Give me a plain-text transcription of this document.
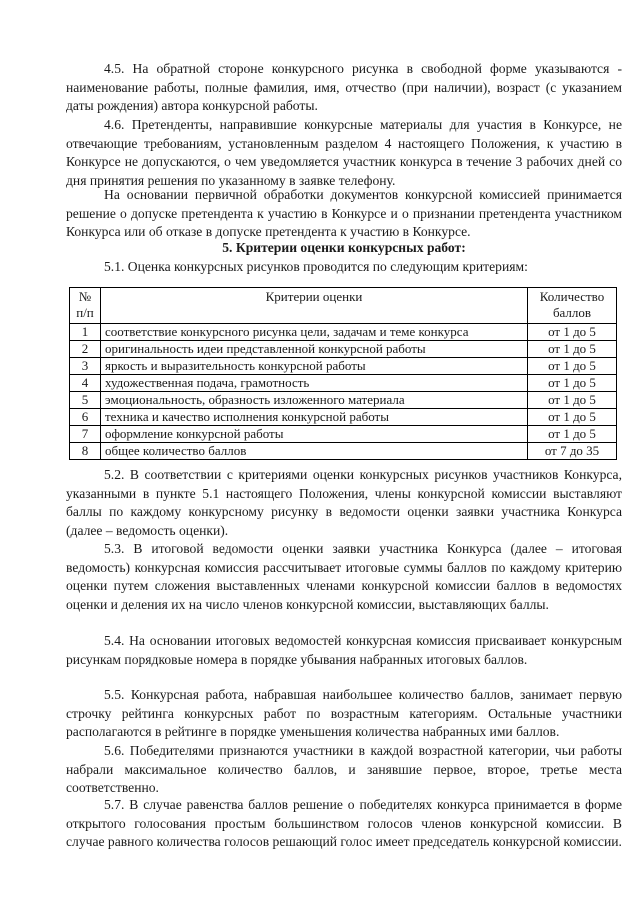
4.5. На обратной стороне конкурсного рисунка в свободной форме указываются - наименование работы, полные фамилия, имя, отчество (при наличии), возраст (с указанием даты рождения) автора конкурсной работы.
4.6. Претенденты, направившие конкурсные материалы для участия в Конкурсе, не отвечающие требованиям, установленным разделом 4 настоящего Положения, к участию в Конкурсе не допускаются, о чем уведомляется участник конкурса в течение 3 рабочих дней со дня принятия решения по указанному в заявке телефону.
На основании первичной обработки документов конкурсной комиссией принимается решение о допуске претендента к участию в Конкурсе и о признании претендента участником Конкурса или об отказе в допуске претендента к участию в Конкурсе.
5. Критерии оценки конкурсных работ:
5.1. Оценка конкурсных рисунков проводится по следующим критериям:
№ п/п	Критерии оценки	Количество баллов
1	соответствие конкурсного рисунка цели, задачам и теме конкурса	от 1 до 5
2	оригинальность идеи представленной конкурсной работы	от 1 до 5
3	яркость и выразительность конкурсной работы	от 1 до 5
4	художественная подача, грамотность	от 1 до 5
5	эмоциональность, образность изложенного материала	от 1 до 5
6	техника и качество исполнения конкурсной работы	от 1 до 5
7	оформление конкурсной работы	от 1 до 5
8	общее количество баллов	от 7 до 35
5.2. В соответствии с критериями оценки конкурсных рисунков участников Конкурса, указанными в пункте 5.1 настоящего Положения, члены конкурсной комиссии выставляют баллы по каждому конкурсному рисунку в ведомости оценки заявки участника Конкурса (далее – ведомость оценки).
5.3. В итоговой ведомости оценки заявки участника Конкурса (далее – итоговая ведомость) конкурсная комиссия рассчитывает итоговые суммы баллов по каждому критерию оценки путем сложения выставленных членами конкурсной комиссии баллов в ведомостях оценки и деления их на число членов конкурсной комиссии, выставляющих баллы.
5.4. На основании итоговых ведомостей конкурсная комиссия присваивает конкурсным рисункам порядковые номера в порядке убывания набранных итоговых баллов.
5.5. Конкурсная работа, набравшая наибольшее количество баллов, занимает первую строчку рейтинга конкурсных работ по возрастным категориям. Остальные участники располагаются в рейтинге в порядке уменьшения количества набранных ими баллов.
5.6. Победителями признаются участники в каждой возрастной категории, чьи работы набрали максимальное количество баллов, и занявшие первое, второе, третье места соответственно.
5.7. В случае равенства баллов решение о победителях конкурса принимается в форме открытого голосования простым большинством голосов членов конкурсной комиссии. В случае равного количества голосов решающий голос имеет председатель конкурсной комиссии.
